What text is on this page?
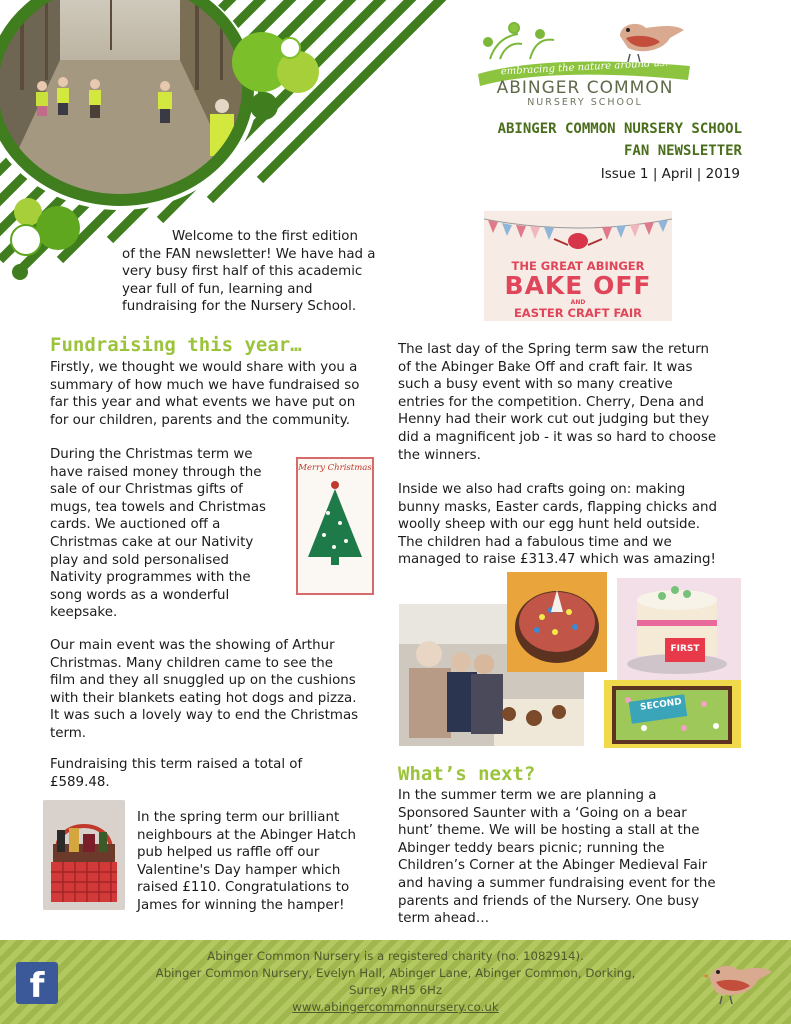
embracing the nature around us!
ABINGER COMMON
NURSERY SCHOOL
ABINGER COMMON NURSERY SCHOOL
FAN NEWSLETTER
Issue 1 | April | 2019
Welcome to the first edition
of the FAN newsletter! We have had a
very busy first half of this academic
year full of fun, learning and
fundraising for the Nursery School.
THE GREAT ABINGER
BAKE OFF
AND
EASTER CRAFT FAIR
Fundraising this year…
Firstly, we thought we would share with you a
summary of how much we have fundraised so
far this year and what events we have put on
for our children, parents and the community.
During the Christmas term we
have raised money through the
sale of our Christmas gifts of
mugs, tea towels and Christmas
cards. We auctioned off a
Christmas cake at our Nativity
play and sold personalised
Nativity programmes with the
song words as a wonderful
keepsake.
Merry Christmas
Our main event was the showing of Arthur
Christmas. Many children came to see the
film and they all snuggled up on the cushions
with their blankets eating hot dogs and pizza.
It was such a lovely way to end the Christmas
term.
Fundraising this term raised a total of
£589.48.
In the spring term our brilliant
neighbours at the Abinger Hatch
pub helped us raffle off our
Valentine's Day hamper which
raised £110. Congratulations to
James for winning the hamper!
The last day of the Spring term saw the return
of the Abinger Bake Off and craft fair. It was
such a busy event with so many creative
entries for the competition. Cherry, Dena and
Henny had their work cut out judging but they
did a magnificent job - it was so hard to choose
the winners.
Inside we also had crafts going on: making
bunny masks, Easter cards, flapping chicks and
woolly sheep with our egg hunt held outside.
The children had a fabulous time and we
managed to raise £313.47 which was amazing!
FIRST
SECOND
What’s next?
In the summer term we are planning a
Sponsored Saunter with a ‘Going on a bear
hunt’ theme. We will be hosting a stall at the
Abinger teddy bears picnic; running the
Children’s Corner at the Abinger Medieval Fair
and having a summer fundraising event for the
parents and friends of the Nursery. One busy
term ahead…
Abinger Common Nursery is a registered charity (no. 1082914).
Abinger Common Nursery, Evelyn Hall, Abinger Lane, Abinger Common, Dorking,
Surrey RH5 6Hz
www.abingercommonnursery.co.uk
f
